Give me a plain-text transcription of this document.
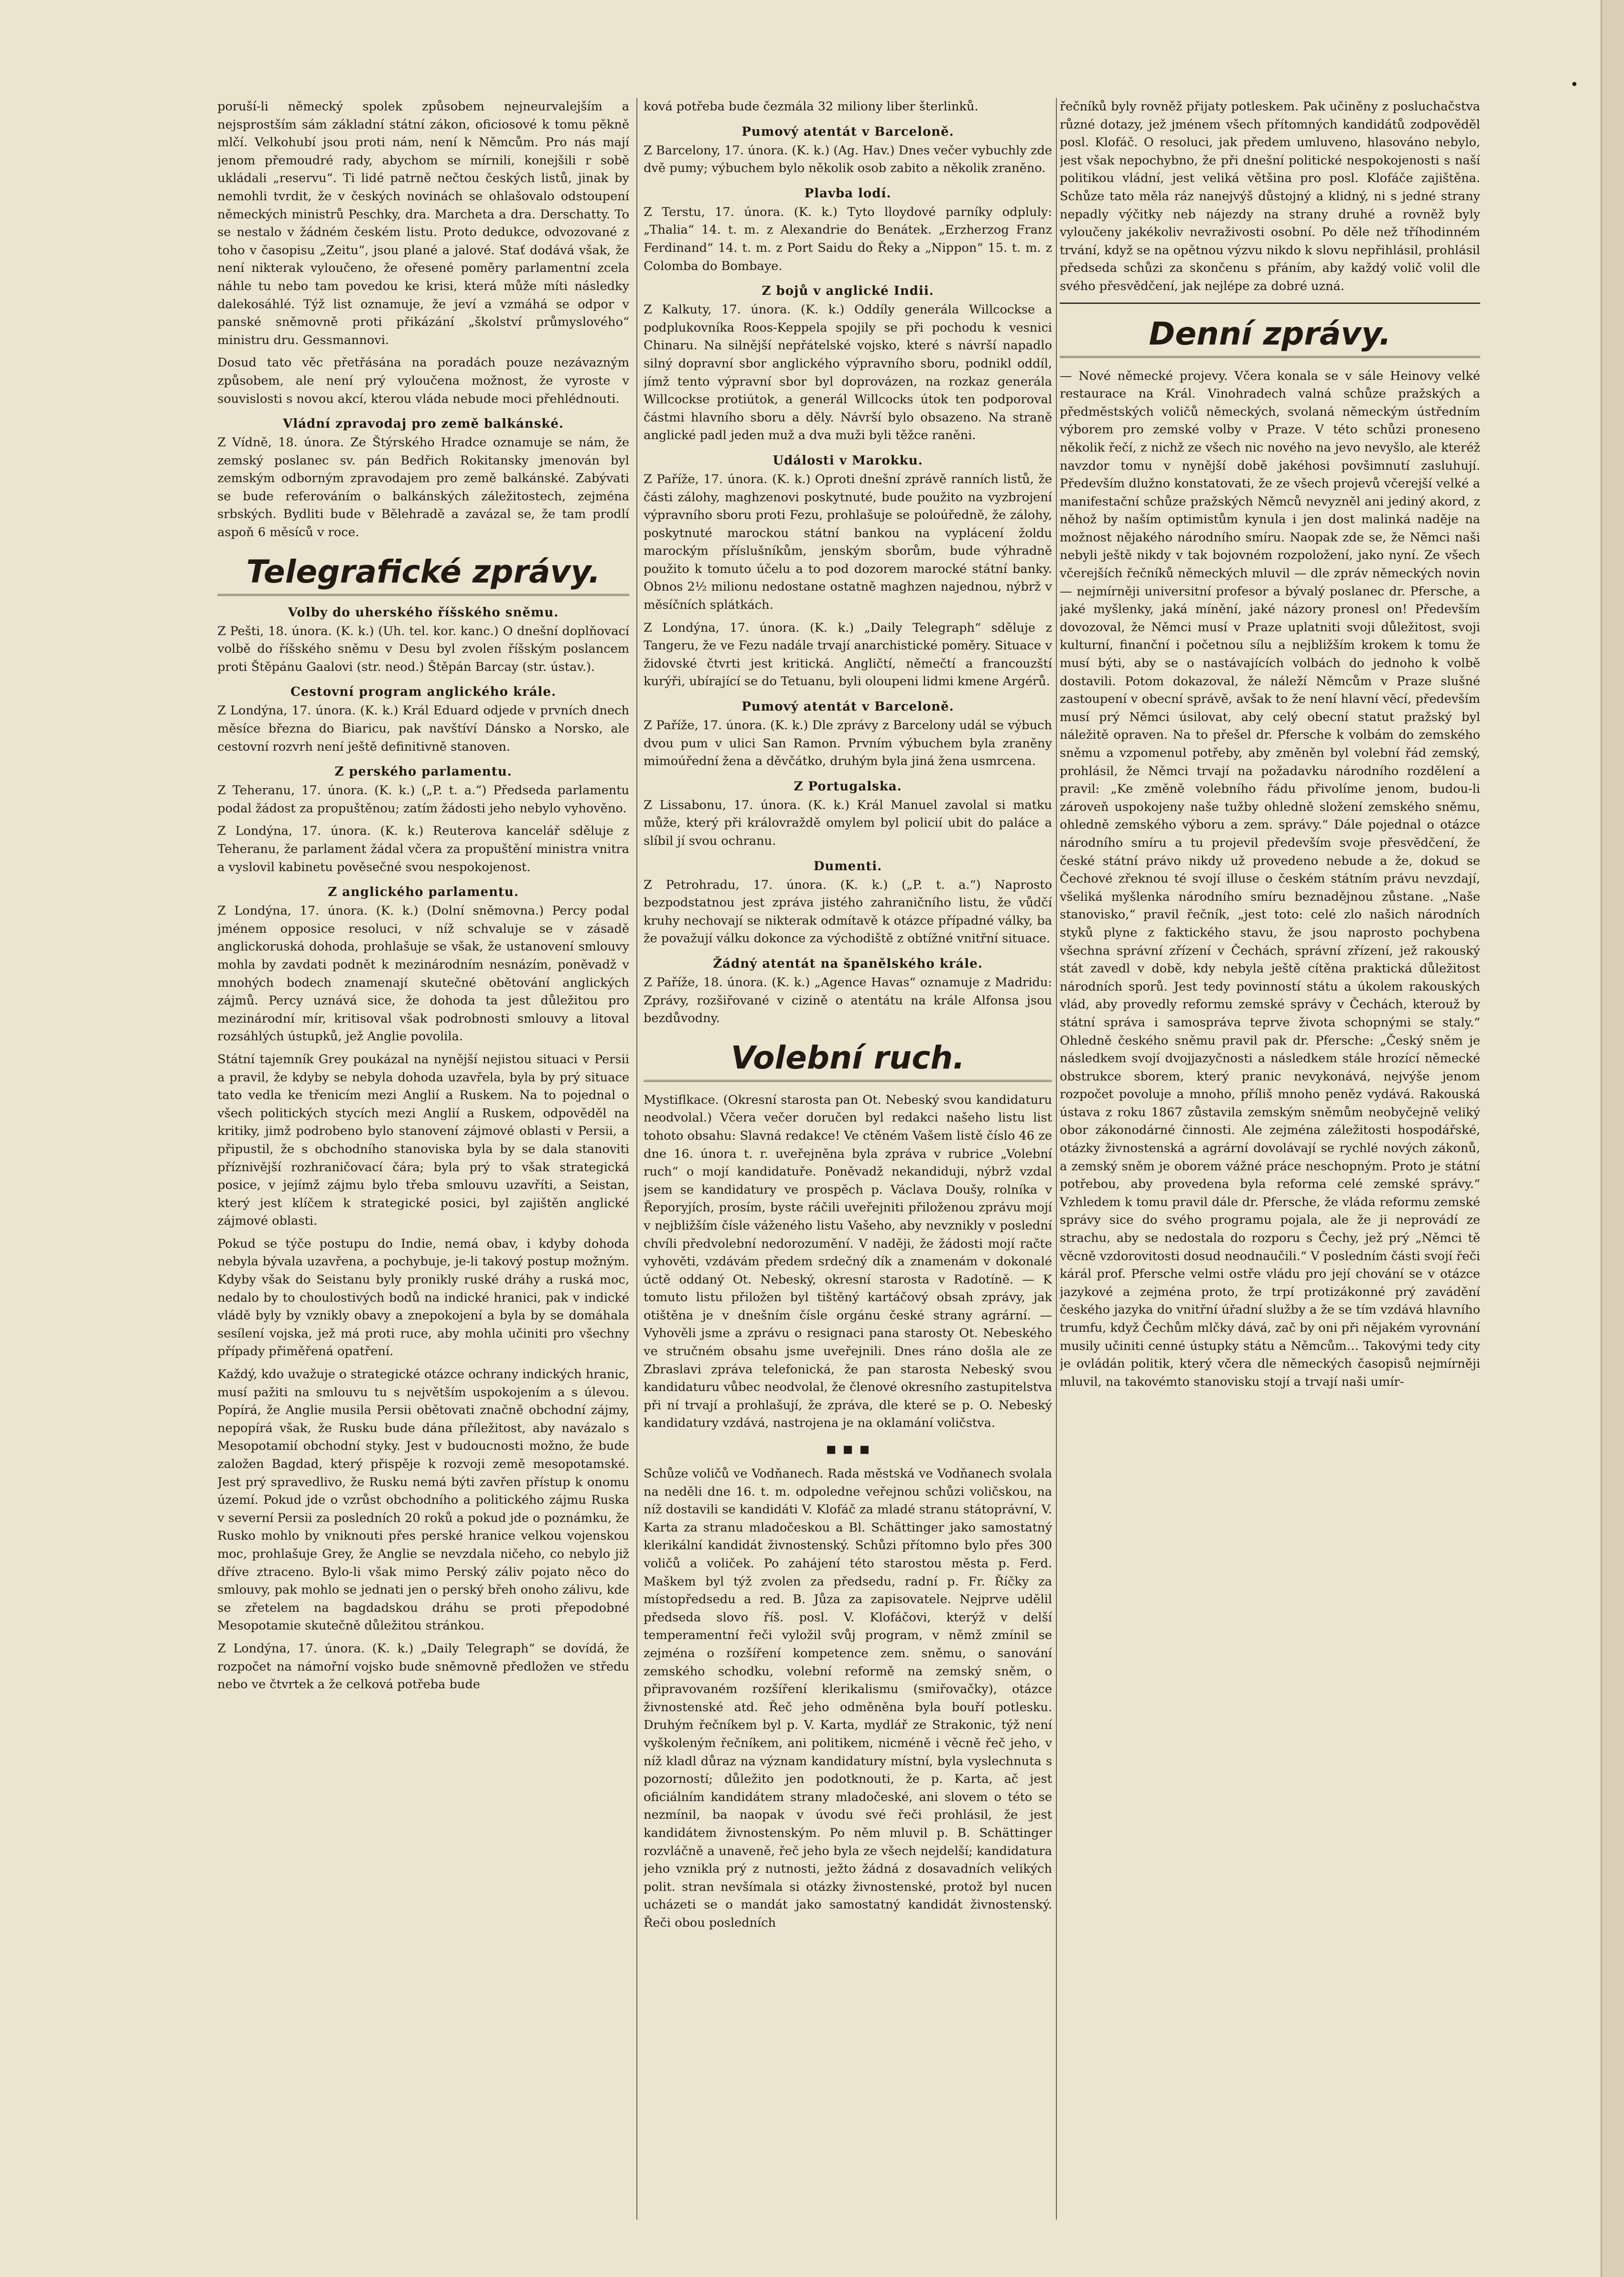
•

poruší-li německý spolek způsobem nejneurvalejším a nejsprostším sám základní státní zákon, oficiosové k tomu pěkně mlčí. Velkohubí jsou proti nám, není k Němcům. Pro nás mají jenom přemoudré rady, abychom se mírnili, konejšili r sobě ukládali „reservu“. Ti lidé patrně nečtou českých listů, jinak by nemohli tvrdit, že v českých novinách se ohlašovalo odstoupení německých ministrů Peschky, dra. Marcheta a dra. Derschatty. To se nestalo v žádném českém listu. Proto dedukce, odvozované z toho v časopisu „Zeitu“, jsou plané a jalové. Stať dodává však, že není nikterak vyloučeno, že ořesené poměry parlamentní zcela náhle tu nebo tam povedou ke krisi, která může míti následky dalekosáhlé. Týž list oznamuje, že jeví a vzmáhá se odpor v panské sněmovně proti přikázání „školství průmyslového“ ministru dru. Gessmannovi.

Dosud tato věc přetřásána na poradách pouze nezávazným způsobem, ale není prý vyloučena možnost, že vyroste v souvislosti s novou akcí, kterou vláda nebude moci přehlédnouti.

Vládní zpravodaj pro země balkánské.

Z Vídně, 18. února. Ze Štýrského Hradce oznamuje se nám, že zemský poslanec sv. pán Bedřich Rokitansky jmenován byl zemským odborným zpravodajem pro země balkánské. Zabývati se bude referováním o balkánských záležitostech, zejména srbských. Bydliti bude v Bělehradě a zavázal se, že tam prodlí aspoň 6 měsíců v roce.

Telegrafické zprávy.
Volby do uherského říšského sněmu.

Z Pešti, 18. února. (K. k.) (Uh. tel. kor. kanc.) O dnešní doplňovací volbě do říšského sněmu v Desu byl zvolen říšským poslancem proti Štěpánu Gaalovi (str. neod.) Štěpán Barcay (str. ústav.).

Cestovní program anglického krále.

Z Londýna, 17. února. (K. k.) Král Eduard odjede v prvních dnech měsíce března do Biaricu, pak navštíví Dánsko a Norsko, ale cestovní rozvrh není ještě definitivně stanoven.

Z perského parlamentu.

Z Teheranu, 17. února. (K. k.) („P. t. a.“) Předseda parlamentu podal žádost za propuštěnou; zatím žádosti jeho nebylo vyhověno.

Z Londýna, 17. února. (K. k.) Reuterova kancelář sděluje z Teheranu, že parlament žádal včera za propuštění ministra vnitra a vyslovil kabinetu pověsečné svou nespokojenost.

Z anglického parlamentu.

Z Londýna, 17. února. (K. k.) (Dolní sněmovna.) Percy podal jménem opposice resoluci, v níž schvaluje se v zásadě anglickoruská dohoda, prohlašuje se však, že ustanovení smlouvy mohla by zavdati podnět k mezinárodním nesnázím, poněvadž v mnohých bodech znamenají skutečné obětování anglických zájmů. Percy uznává sice, že dohoda ta jest důležitou pro mezinárodní mír, kritisoval však podrobnosti smlouvy a litoval rozsáhlých ústupků, jež Anglie povolila.

Státní tajemník Grey poukázal na nynější nejistou situaci v Persii a pravil, že kdyby se nebyla dohoda uzavřela, byla by prý situace tato vedla ke třenicím mezi Anglií a Ruskem. Na to pojednal o všech politických stycích mezi Anglií a Ruskem, odpověděl na kritiky, jimž podrobeno bylo stanovení zájmové oblasti v Persii, a připustil, že s obchodního stanoviska byla by se dala stanoviti příznivější rozhraničovací čára; byla prý to však strategická posice, v jejímž zájmu bylo třeba smlouvu uzavříti, a Seistan, který jest klíčem k strategické posici, byl zajištěn anglické zájmové oblasti.

Pokud se týče postupu do Indie, nemá obav, i kdyby dohoda nebyla bývala uzavřena, a pochybuje, je-li takový postup možným. Kdyby však do Seistanu byly pronikly ruské dráhy a ruská moc, nedalo by to choulostivých bodů na indické hranici, pak v indické vládě byly by vznikly obavy a znepokojení a byla by se domáhala sesílení vojska, jež má proti ruce, aby mohla učiniti pro všechny případy přiměřená opatření.

Každý, kdo uvažuje o strategické otázce ochrany indických hranic, musí pažiti na smlouvu tu s největším uspokojením a s úlevou. Popírá, že Anglie musila Persii obětovati značně obchodní zájmy, nepopírá však, že Rusku bude dána příležitost, aby navázalo s Mesopotamií obchodní styky. Jest v budoucnosti možno, že bude založen Bagdad, který přispěje k rozvoji země mesopotamské. Jest prý spravedlivo, že Rusku nemá býti zavřen přístup k onomu území. Pokud jde o vzrůst obchodního a politického zájmu Ruska v severní Persii za posledních 20 roků a pokud jde o poznámku, že Rusko mohlo by vniknouti přes perské hranice velkou vojenskou moc, prohlašuje Grey, že Anglie se nevzdala ničeho, co nebylo již dříve ztraceno. Bylo-li však mimo Perský záliv pojato něco do smlouvy, pak mohlo se jednati jen o perský břeh onoho zálivu, kde se zřetelem na bagdadskou dráhu se proti přepodobné Mesopotamie skutečně důležitou stránkou.

Z Londýna, 17. února. (K. k.) „Daily Telegraph“ se dovídá, že rozpočet na námořní vojsko bude sněmovně předložen ve středu nebo ve čtvrtek a že celková potřeba bude

ková potřeba bude čezmála 32 miliony liber šterlinků.

Pumový atentát v Barceloně.

Z Barcelony, 17. února. (K. k.) (Ag. Hav.) Dnes večer vybuchly zde dvě pumy; výbuchem bylo několik osob zabito a několik zraněno.

Plavba lodí.

Z Terstu, 17. února. (K. k.) Tyto lloydové parníky odpluly: „Thalia“ 14. t. m. z Alexandrie do Benátek. „Erzherzog Franz Ferdinand“ 14. t. m. z Port Saidu do Řeky a „Nippon“ 15. t. m. z Colomba do Bombaye.

Z bojů v anglické Indii.

Z Kalkuty, 17. února. (K. k.) Oddíly generála Willcockse a podplukovníka Roos-Keppela spojily se při pochodu k vesnici Chinaru. Na silnější nepřátelské vojsko, které s návrší napadlo silný dopravní sbor anglického výpravního sboru, podnikl oddíl, jímž tento výpravní sbor byl doprovázen, na rozkaz generála Willcockse protiútok, a generál Willcocks útok ten podporoval částmi hlavního sboru a děly. Návrší bylo obsazeno. Na straně anglické padl jeden muž a dva muži byli těžce raněni.

Události v Marokku.

Z Paříže, 17. února. (K. k.) Oproti dnešní zprávě ranních listů, že části zálohy, maghzenovi poskytnuté, bude použito na vyzbrojení výpravního sboru proti Fezu, prohlašuje se poloúředně, že zálohy, poskytnuté marockou státní bankou na vyplácení žoldu marockým příslušníkům, jenským sborům, bude výhradně použito k tomuto účelu a to pod dozorem marocké státní banky. Obnos 2½ milionu nedostane ostatně maghzen najednou, nýbrž v měsíčních splátkách.

Z Londýna, 17. února. (K. k.) „Daily Telegraph“ sděluje z Tangeru, že ve Fezu nadále trvají anarchistické poměry. Situace v židovské čtvrti jest kritická. Angličtí, němečtí a francouzští kurýři, ubírající se do Tetuanu, byli oloupeni lidmi kmene Argérů.

Pumový atentát v Barceloně.

Z Paříže, 17. února. (K. k.) Dle zprávy z Barcelony udál se výbuch dvou pum v ulici San Ramon. Prvním výbuchem byla zraněny mimoúřední žena a děvčátko, druhým byla jiná žena usmrcena.

Z Portugalska.

Z Lissabonu, 17. února. (K. k.) Král Manuel zavolal si matku může, který při královraždě omylem byl policií ubit do paláce a slíbil jí svou ochranu.

Dumenti.

Z Petrohradu, 17. února. (K. k.) („P. t. a.“) Naprosto bezpodstatnou jest zpráva jistého zahraničního listu, že vůdčí kruhy nechovají se nikterak odmítavě k otázce případné války, ba že považují válku dokonce za východiště z obtížné vnitřní situace.

Žádný atentát na španělského krále.

Z Paříže, 18. února. (K. k.) „Agence Havas“ oznamuje z Madridu: Zprávy, rozšiřované v cizině o atentátu na krále Alfonsa jsou bezdůvodny.

Volební ruch.

Mystiflkace. (Okresní starosta pan Ot. Nebeský svou kandidaturu neodvolal.) Včera večer doručen byl redakci našeho listu list tohoto obsahu: Slavná redakce! Ve ctěném Vašem listě číslo 46 ze dne 16. února t. r. uveřejněna byla zpráva v rubrice „Volební ruch“ o mojí kandidatuře. Poněvadž nekandiduji, nýbrž vzdal jsem se kandidatury ve prospěch p. Václava Doušy, rolníka v Řeporyjích, prosím, byste ráčili uveřejniti přiloženou zprávu mojí v nejbližším čísle váženého listu Vašeho, aby nevznikly v poslední chvíli předvolební nedorozumění. V naději, že žádosti mojí račte vyhověti, vzdávám předem srdečný dík a znamenám v dokonalé úctě oddaný Ot. Nebeský, okresní starosta v Radotíně. — K tomuto listu přiložen byl tištěný kartáčový obsah zprávy, jak otištěna je v dnešním čísle orgánu české strany agrární. — Vyhověli jsme a zprávu o resignaci pana starosty Ot. Nebeského ve stručném obsahu jsme uveřejnili. Dnes ráno došla ale ze Zbraslavi zpráva telefonická, že pan starosta Nebeský svou kandidaturu vůbec neodvolal, že členové okresního zastupitelstva při ní trvají a prohlašují, že zpráva, dle které se p. O. Nebeský kandidatury vzdává, nastrojena je na oklamání voličstva.

▪ ▪ ▪

Schůze voličů ve Vodňanech. Rada městská ve Vodňanech svolala na neděli dne 16. t. m. odpoledne veřejnou schůzi voličskou, na níž dostavili se kandidáti V. Klofáč za mladé stranu státoprávní, V. Karta za stranu mladočeskou a Bl. Schättinger jako samostatný klerikální kandidát živnostenský. Schůzi přítomno bylo přes 300 voličů a voliček. Po zahájení této starostou města p. Ferd. Maškem byl týž zvolen za předsedu, radní p. Fr. Říčky za místopředsedu a red. B. Jůza za zapisovatele. Nejprve udělil předseda slovo říš. posl. V. Klofáčovi, kterýž v delší temperamentní řeči vyložil svůj program, v němž zmínil se zejména o rozšíření kompetence zem. sněmu, o sanování zemského schodku, volební reformě na zemský sněm, o připravovaném rozšíření klerikalismu (smiřovačky), otázce živnostenské atd. Řeč jeho odměněna byla bouří potlesku. Druhým řečníkem byl p. V. Karta, mydlář ze Strakonic, týž není vyškoleným řečníkem, ani politikem, nicméně i věcně řeč jeho, v níž kladl důraz na význam kandidatury místní, byla vyslechnuta s pozorností; důležito jen podotknouti, že p. Karta, ač jest oficiálním kandidátem strany mladočeské, ani slovem o této se nezmínil, ba naopak v úvodu své řeči prohlásil, že jest kandidátem živnostenským. Po něm mluvil p. B. Schättinger rozvláčně a unaveně, řeč jeho byla ze všech nejdelší; kandidatura jeho vznikla prý z nutnosti, ježto žádná z dosavadních velikých polit. stran nevšímala si otázky živnostenské, protož byl nucen ucházeti se o mandát jako samostatný kandidát živnostenský. Řeči obou posledních

řečníků byly rovněž přijaty potleskem. Pak učiněny z posluchačstva různé dotazy, jež jménem všech přítomných kandidátů zodpověděl posl. Klofáč. O resoluci, jak předem umluveno, hlasováno nebylo, jest však nepochybno, že při dnešní politické nespokojenosti s naší politikou vládní, jest veliká většina pro posl. Klofáče zajištěna. Schůze tato měla ráz nanejvýš důstojný a klidný, ni s jedné strany nepadly výčitky neb nájezdy na strany druhé a rovněž byly vyloučeny jakékoliv nevraživosti osobní. Po děle než tříhodinném trvání, když se na opětnou výzvu nikdo k slovu nepřihlásil, prohlásil předseda schůzi za skončenu s přáním, aby každý volič volil dle svého přesvědčení, jak nejlépe za dobré uzná.

Denní zprávy.

— Nové německé projevy. Včera konala se v sále Heinovy velké restaurace na Král. Vinohradech valná schůze pražských a předměstských voličů německých, svolaná německým ústředním výborem pro zemské volby v Praze. V této schůzi proneseno několik řečí, z nichž ze všech nic nového na jevo nevyšlo, ale kteréž navzdor tomu v nynější době jakéhosi povšimnutí zasluhují. Především dlužno konstatovati, že ze všech projevů včerejší velké a manifestační schůze pražských Němců nevyzněl ani jediný akord, z něhož by naším optimistům kynula i jen dost malinká naděje na možnost nějakého národního smíru. Naopak zde se, že Němci naši nebyli ještě nikdy v tak bojovném rozpoložení, jako nyní. Ze všech včerejších řečníků německých mluvil — dle zpráv německých novin — nejmírněji universitní profesor a bývalý poslanec dr. Pfersche, a jaké myšlenky, jaká mínění, jaké názory pronesl on! Především dovozoval, že Němci musí v Praze uplatniti svoji důležitost, svoji kulturní, finanční i početnou sílu a nejbližším krokem k tomu že musí býti, aby se o nastávajících volbách do jednoho k volbě dostavili. Potom dokazoval, že náleží Němcům v Praze slušné zastoupení v obecní správě, avšak to že není hlavní věcí, především musí prý Němci úsilovat, aby celý obecní statut pražský byl náležitě opraven. Na to přešel dr. Pfersche k volbám do zemského sněmu a vzpomenul potřeby, aby změněn byl volební řád zemský, prohlásil, že Němci trvají na požadavku národního rozdělení a pravil: „Ke změně volebního řádu přivolíme jenom, budou-li zároveň uspokojeny naše tužby ohledně složení zemského sněmu, ohledně zemského výboru a zem. správy.“ Dále pojednal o otázce národního smíru a tu projevil především svoje přesvědčení, že české státní právo nikdy už provedeno nebude a že, dokud se Čechové zřeknou té svojí illuse o českém státním právu nevzdají, všeliká myšlenka národního smíru beznadějnou zůstane. „Naše stanovisko,“ pravil řečník, „jest toto: celé zlo našich národních styků plyne z faktického stavu, že jsou naprosto pochybena všechna správní zřízení v Čechách, správní zřízení, jež rakouský stát zavedl v době, kdy nebyla ještě cítěna praktická důležitost národních sporů. Jest tedy povinností státu a úkolem rakouských vlád, aby provedly reformu zemské správy v Čechách, kterouž by státní správa i samospráva teprve života schopnými se staly.“ Ohledně českého sněmu pravil pak dr. Pfersche: „Český sněm je následkem svojí dvojjazyčnosti a následkem stále hrozící německé obstrukce sborem, který pranic nevykonává, nejvýše jenom rozpočet povoluje a mnoho, příliš mnoho peněz vydává. Rakouská ústava z roku 1867 zůstavila zemským sněmům neobyčejně veliký obor zákonodárné činnosti. Ale zejména záležitosti hospodářské, otázky živnostenská a agrární dovolávají se rychlé nových zákonů, a zemský sněm je oborem vážné práce neschopným. Proto je státní potřebou, aby provedena byla reforma celé zemské správy.“ Vzhledem k tomu pravil dále dr. Pfersche, že vláda reformu zemské správy sice do svého programu pojala, ale že ji neprovádí ze strachu, aby se nedostala do rozporu s Čechy, jež prý „Němci tě věcně vzdorovitosti dosud neodnaučili.“ V posledním části svojí řeči kárál prof. Pfersche velmi ostře vládu pro její chování se v otázce jazykové a zejména proto, že trpí protizákonné prý zavádění českého jazyka do vnitřní úřadní služby a že se tím vzdává hlavního trumfu, když Čechům mlčky dává, zač by oni při nějakém vyrovnání musily učiniti cenné ústupky státu a Němcům… Takovými tedy city je ovládán politik, který včera dle německých časopisů nejmírněji mluvil, na takovémto stanovisku stojí a trvají naši umír-
